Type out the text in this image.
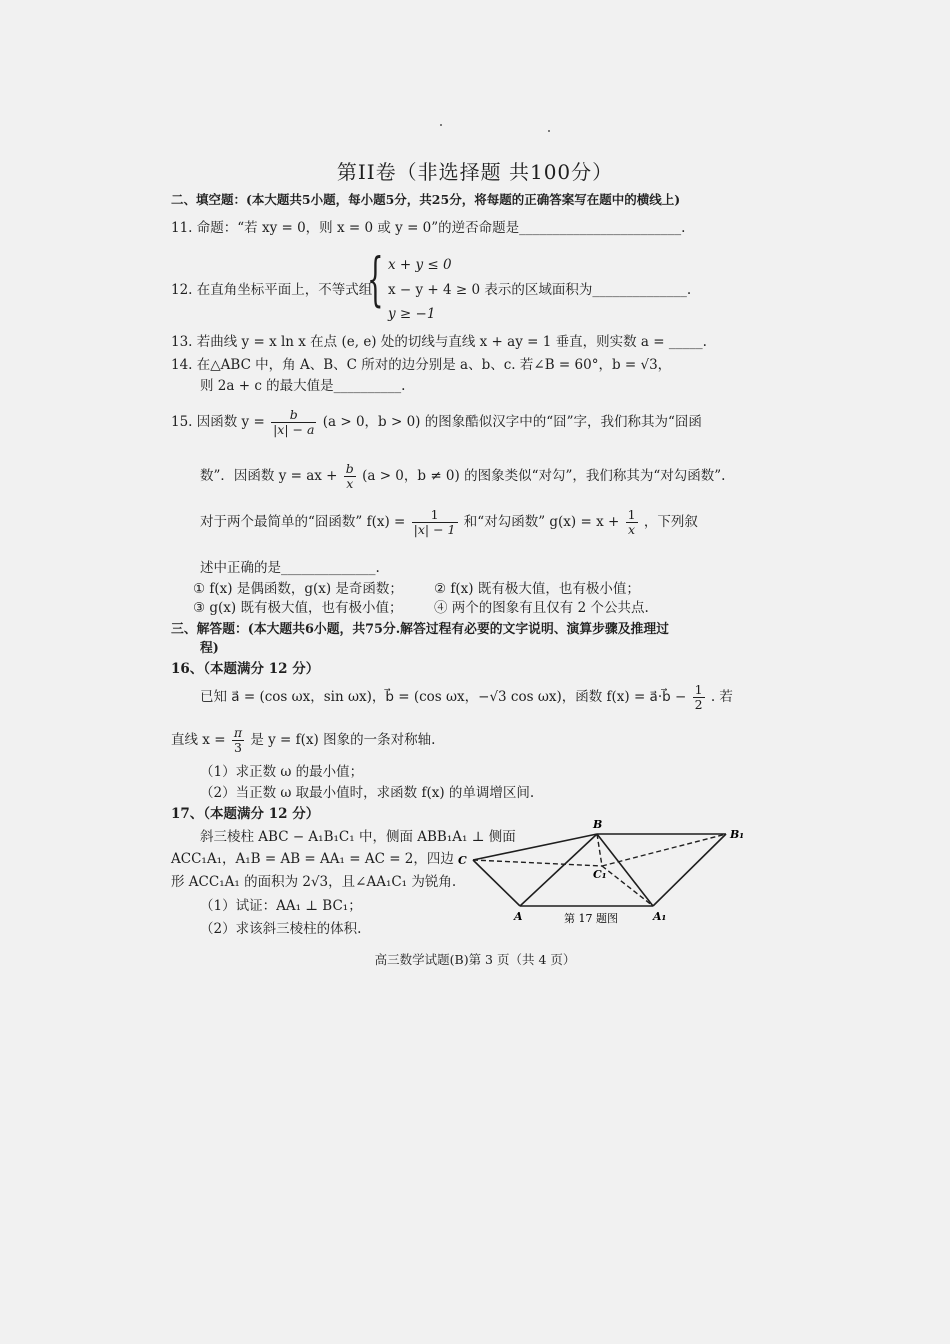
第II卷（非选择题 共100分）
二、填空题：(本大题共5小题，每小题5分，共25分，将每题的正确答案写在题中的横线上)
11. 命题：“若 xy = 0，则 x = 0 或 y = 0”的逆否命题是________________________.
12. 在直角坐标平面上，不等式组
{ x + y ≤ 0
x − y + 4 ≥ 0 表示的区域面积为______________.
y ≥ −1
13. 若曲线 y = x ln x 在点 (e, e) 处的切线与直线 x + ay = 1 垂直，则实数 a = _____.
14. 在△ABC 中，角 A、B、C 所对的边分别是 a、b、c. 若∠B = 60°，b = √3，
则 2a + c 的最大值是__________.
15. 因函数 $y = \frac{b}{|x| - a} (a > 0$，b > 0) 的图象酷似汉字中的“囧”字，我们称其为“囧函
数”．因函数 y = ax + $\frac{b}{x} (a > 0$，b ≠ 0) 的图象类似“对勾”，我们称其为“对勾函数”.
对于两个最简单的“囧函数” $f(x) = \frac{1}{|x| - 1}$ 和“对勾函数” $g(x) = x + \frac{1}{x}$ ，下列叙
述中正确的是______________.
① f(x) 是偶函数，g(x) 是奇函数； ② f(x) 既有极大值，也有极小值；
③ g(x) 既有极大值，也有极小值； ④ 两个的图象有且仅有 2 个公共点.
三、解答题：(本大题共6小题，共75分.解答过程有必要的文字说明、演算步骤及推理过
程)
16、（本题满分 12 分）
已知 a⃗ = (cos ωx，sin ωx)，b⃗ = (cos ωx，−√3 cos ωx)，函数 f(x) = a⃗·b⃗ − $\frac{1}{2}$ . 若
直线 $x = \frac{\pi}{3}$ 是 y = f(x) 图象的一条对称轴.
（1）求正数 ω 的最小值；
（2）当正数 ω 取最小值时，求函数 f(x) 的单调增区间.
17、（本题满分 12 分）
斜三棱柱 ABC − A₁B₁C₁ 中，侧面 ABB₁A₁ ⊥ 侧面
ACC₁A₁，A₁B = AB = AA₁ = AC = 2，四边
形 ACC₁A₁ 的面积为 2√3，且∠AA₁C₁ 为锐角.
（1）试证：AA₁ ⊥ BC₁；
（2）求该斜三棱柱的体积.
B
B₁
C
C₁
A	A₁
第 17 题图
高三数学试题(B)第 3 页（共 4 页）
